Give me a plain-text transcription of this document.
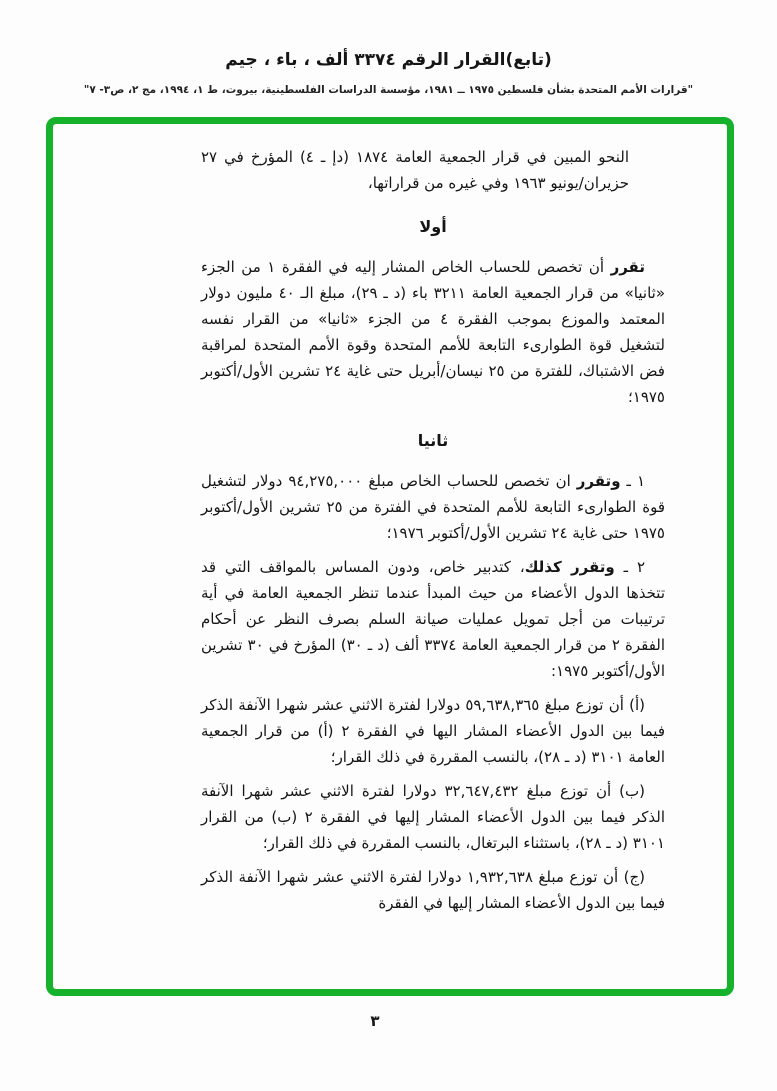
(تابع)القرار الرقم ٣٣٧٤ ألف ، باء ، جيم
"قرارات الأمم المتحدة بشأن فلسطين ١٩٧٥ ــ ١٩٨١، مؤسسة الدراسات الفلسطينية، بيروت، ط ١، ١٩٩٤، مج ٢، ص٣- ٧"

النحو المبين في قرار الجمعية العامة ١٨٧٤ (دإ ـ ٤) المؤرخ في ٢٧ حزيران/يونيو ١٩٦٣ وفي غيره من قراراتها،

أولا

تقرر أن تخصص للحساب الخاص المشار إليه في الفقرة ١ من الجزء «ثانيا» من قرار الجمعية العامة ٣٢١١ باء (د ـ ٢٩)، مبلغ الـ ٤٠ مليون دولار المعتمد والموزع بموجب الفقرة ٤ من الجزء «ثانيا» من القرار نفسه لتشغيل قوة الطوارىء التابعة للأمم المتحدة وقوة الأمم المتحدة لمراقبة فض الاشتباك، للفترة من ٢٥ نيسان/أبريل حتى غاية ٢٤ تشرين الأول/أكتوبر ١٩٧٥؛

ثانيا

١ ـ وتقرر ان تخصص للحساب الخاص مبلغ ٩٤,٢٧٥,٠٠٠ دولار لتشغيل قوة الطوارىء التابعة للأمم المتحدة في الفترة من ٢٥ تشرين الأول/أكتوبر ١٩٧٥ حتى غاية ٢٤ تشرين الأول/أكتوبر ١٩٧٦؛

٢ ـ وتقرر كذلك، كتدبير خاص، ودون المساس بالمواقف التي قد تتخذها الدول الأعضاء من حيث المبدأ عندما تنظر الجمعية العامة في أية ترتيبات من أجل تمويل عمليات صيانة السلم بصرف النظر عن أحكام الفقرة ٢ من قرار الجمعية العامة ٣٣٧٤ ألف (د ـ ٣٠) المؤرخ في ٣٠ تشرين الأول/أكتوبر ١٩٧٥:

(أ) أن توزع مبلغ ٥٩,٦٣٨,٣٦٥ دولارا لفترة الاثني عشر شهرا الآنفة الذكر فيما بين الدول الأعضاء المشار اليها في الفقرة ٢ (أ) من قرار الجمعية العامة ٣١٠١ (د ـ ٢٨)، بالنسب المقررة في ذلك القرار؛

(ب) أن توزع مبلغ ٣٢,٦٤٧,٤٣٢ دولارا لفترة الاثني عشر شهرا الآنفة الذكر فيما بين الدول الأعضاء المشار إليها في الفقرة ٢ (ب) من القرار ٣١٠١ (د ـ ٢٨)، باستثناء البرتغال، بالنسب المقررة في ذلك القرار؛

(ج) أن توزع مبلغ ١,٩٣٢,٦٣٨ دولارا لفترة الاثني عشر شهرا الآنفة الذكر فيما بين الدول الأعضاء المشار إليها في الفقرة

٣
